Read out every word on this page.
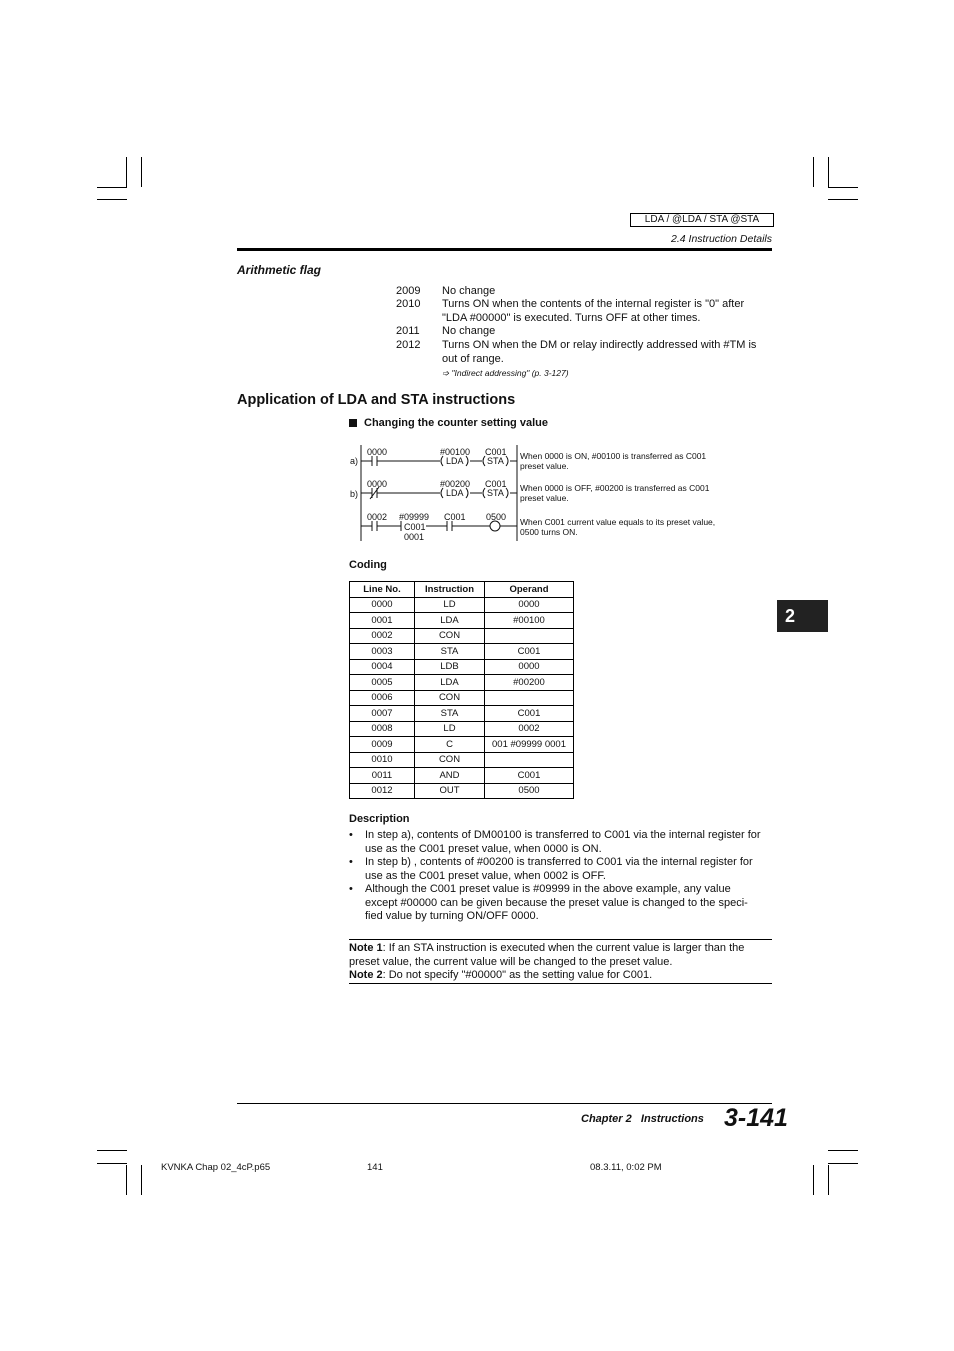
LDA / @LDA / STA @STA
2.4 Instruction Details
Arithmetic flag
2009 No change
2010 Turns ON when the contents of the internal register is "0" after
"LDA #00000" is executed. Turns OFF at other times.
2011 No change
2012 Turns ON when the DM or relay indirectly addressed with #TM is
out of range.
➩ "Indirect addressing" (p. 3-127)
Application of LDA and STA instructions
Changing the counter setting value
a)
0000	#00100 C001
LDA	STA When 0000 is ON, #00100 is transferred as C001
preset value.
b)
0000	#00200 C001
LDA	STA When 0000 is OFF, #00200 is transferred as C001
preset value.
0002 #09999 C001 0500
C001
0001
When C001 current value equals to its preset value,
0500 turns ON.
Coding
Line No.	Instruction	Operand
0000	LD	0000
0001	LDA	#00100
0002	CON	
0003	STA	C001
0004	LDB	0000
0005	LDA	#00200
0006	CON	
0007	STA	C001
0008	LD	0002
0009	C	001 #09999 0001
0010	CON	
0011	AND	C001
0012	OUT	0500
Description
• In step a), contents of DM00100 is transferred to C001 via the internal register for
use as the C001 preset value, when 0000 is ON.
• In step b) , contents of #00200 is transferred to C001 via the internal register for
use as the C001 preset value, when 0002 is OFF.
• Although the C001 preset value is #09999 in the above example, any value
except #00000 can be given because the preset value is changed to the speci-
fied value by turning ON/OFF 0000.
Note 1: If an STA instruction is executed when the current value is larger than the
preset value, the current value will be changed to the preset value.
Note 2: Do not specify "#00000" as the setting value for C001.
2
Chapter 2 Instructions 3-141
KVNKA Chap 02_4cP.p65	141	08.3.11, 0:02 PM
